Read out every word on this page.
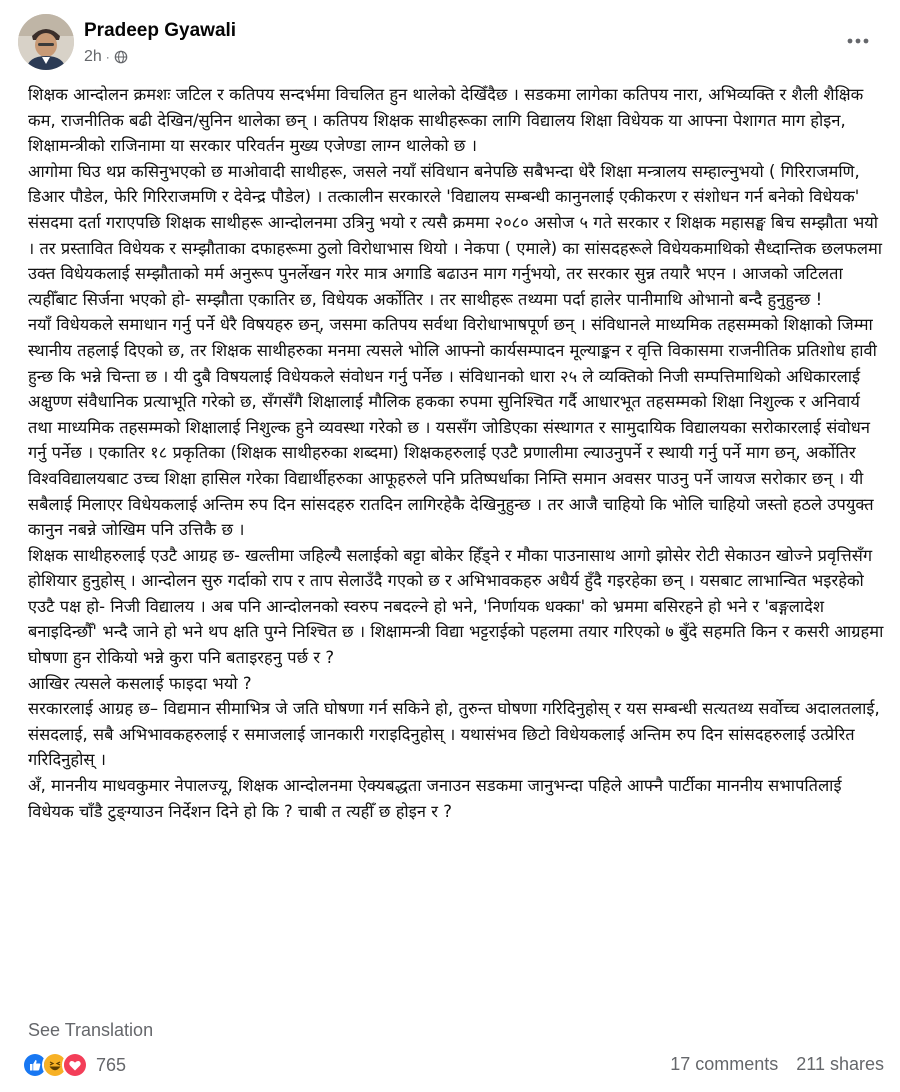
Pradeep Gyawali
2h ·

शिक्षक आन्दोलन क्रमशः जटिल र कतिपय सन्दर्भमा विचलित हुन थालेको देखिँदैछ । सडकमा लागेका कतिपय नारा, अभिव्यक्ति र शैली शैक्षिक कम, राजनीतिक बढी देखिन/सुनिन थालेका छन् । कतिपय शिक्षक साथीहरूका लागि विद्यालय शिक्षा विधेयक या आफ्ना पेशागत माग होइन, शिक्षामन्त्रीको राजिनामा या सरकार परिवर्तन मुख्य एजेण्डा लाग्न थालेको छ ।

आगोमा घिउ थप्न कसिनुभएको छ माओवादी साथीहरू, जसले नयाँ संविधान बनेपछि सबैभन्दा धेरै शिक्षा मन्त्रालय सम्हाल्नुभयो ( गिरिराजमणि, डिआर पौडेल, फेरि गिरिराजमणि र देवेन्द्र पौडेल) । तत्कालीन सरकारले 'विद्यालय सम्बन्धी कानुनलाई एकीकरण र संशोधन गर्न बनेको विधेयक' संसदमा दर्ता गराएपछि शिक्षक साथीहरू आन्दोलनमा उत्रिनु भयो र त्यसै क्रममा २०८० असोज ५ गते सरकार र शिक्षक महासङ्घ बिच सम्झौता भयो । तर प्रस्तावित विधेयक र सम्झौताका दफाहरूमा ठुलो विरोधाभास थियो । नेकपा ( एमाले) का सांसदहरूले विधेयकमाथिको सैध्दान्तिक छलफलमा उक्त विधेयकलाई सम्झौताको मर्म अनुरूप पुनर्लेखन गरेर मात्र अगाडि बढाउन माग गर्नुभयो, तर सरकार सुन्न तयारै भएन । आजको जटिलता त्यहीँबाट सिर्जना भएको हो- सम्झौता एकातिर छ, विधेयक अर्कोतिर । तर साथीहरू तथ्यमा पर्दा हालेर पानीमाथि ओभानो बन्दै हुनुहुन्छ !

नयाँ विधेयकले समाधान गर्नु पर्ने धेरै विषयहरु छन्, जसमा कतिपय सर्वथा विरोधाभाषपूर्ण छन् । संविधानले माध्यमिक तहसम्मको शिक्षाको जिम्मा स्थानीय तहलाई दिएको छ, तर शिक्षक साथीहरुका मनमा त्यसले भोलि आफ्नो कार्यसम्पादन मूल्याङ्कन र वृत्ति विकासमा राजनीतिक प्रतिशोध हावी हुन्छ कि भन्ने चिन्ता छ । यी दुबै विषयलाई विधेयकले संवोधन गर्नु पर्नेछ । संविधानको धारा २५ ले व्यक्तिको निजी सम्पत्तिमाथिको अधिकारलाई अक्षुण्ण संवैधानिक प्रत्याभूति गरेको छ, सँगसँगै शिक्षालाई मौलिक हकका रुपमा सुनिश्चित गर्दै आधारभूत तहसम्मको शिक्षा निशुल्क र अनिवार्य तथा माध्यमिक तहसम्मको शिक्षालाई निशुल्क हुने व्यवस्था गरेको छ । यससँग जोडिएका संस्थागत र सामुदायिक विद्यालयका सरोकारलाई संवोधन गर्नु पर्नेछ । एकातिर १८ प्रकृतिका (शिक्षक साथीहरुका शब्दमा) शिक्षकहरुलाई एउटै प्रणालीमा ल्याउनुपर्ने र स्थायी गर्नु पर्ने माग छन्, अर्कोतिर विश्वविद्यालयबाट उच्च शिक्षा हासिल गरेका विद्यार्थीहरुका आफूहरुले पनि प्रतिष्पर्धाका निम्ति समान अवसर पाउनु पर्ने जायज सरोकार छन् । यी सबैलाई मिलाएर विधेयकलाई अन्तिम रुप दिन सांसदहरु रातदिन लागिरहेकै देखिनुहुन्छ । तर आजै चाहियो कि भोलि चाहियो जस्तो हठले उपयुक्त कानुन नबन्ने जोखिम पनि उत्तिकै छ ।

शिक्षक साथीहरुलाई एउटै आग्रह छ- खल्तीमा जहिल्यै सलाईको बट्टा बोकेर हिँड्ने र मौका पाउनासाथ आगो झोसेर रोटी सेकाउन खोज्ने प्रवृत्तिसँग होशियार हुनुहोस् । आन्दोलन सुरु गर्दाको राप र ताप सेलाउँदै गएको छ र अभिभावकहरु अधैर्य हुँदै गइरहेका छन् । यसबाट लाभान्वित भइरहेको एउटै पक्ष हो- निजी विद्यालय । अब पनि आन्दोलनको स्वरुप नबदल्ने हो भने, 'निर्णायक धक्का' को भ्रममा बसिरहने हो भने र 'बङ्गलादेश बनाइदिन्छौँ' भन्दै जाने हो भने थप क्षति पुग्ने निश्चित छ । शिक्षामन्त्री विद्या भट्टराईको पहलमा तयार गरिएको ७ बुँदे सहमति किन र कसरी आग्रहमा घोषणा हुन रोकियो भन्ने कुरा पनि बताइरहनु पर्छ र ?

आखिर त्यसले कसलाई फाइदा भयो ?

सरकारलाई आग्रह छ– विद्यमान सीमाभित्र जे जति घोषणा गर्न सकिने हो, तुरुन्त घोषणा गरिदिनुहोस् र यस सम्बन्धी सत्यतथ्य सर्वोच्च अदालतलाई, संसदलाई, सबै अभिभावकहरुलाई र समाजलाई जानकारी गराइदिनुहोस् । यथासंभव छिटो विधेयकलाई अन्तिम रुप दिन सांसदहरुलाई उत्प्रेरित गरिदिनुहोस् ।

अँ, माननीय माधवकुमार नेपालज्यू, शिक्षक आन्दोलनमा ऐक्यबद्धता जनाउन सडकमा जानुभन्दा पहिले आफ्नै पार्टीका माननीय सभापतिलाई विधेयक चाँडै टुङ्ग्याउन निर्देशन दिने हो कि ? चाबी त त्यहीँ छ होइन र ?

See Translation
765	17 comments 211 shares
